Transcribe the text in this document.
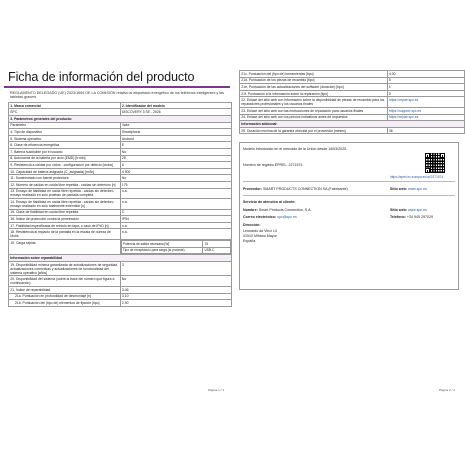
Ficha de información del producto
REGLAMENTO DELEGADO (UE) 2023/1669 DE LA COMISIÓN relativo al etiquetado energético de los teléfonos inteligentes y las tabletas gravers
1. Marca comercial	2. Identificador del modelo
SPC	DISCOVERY 3 SE - 2526
3. Parámetros generales del producto:
Parámetro	Valor
4. Tipo de dispositivo	Smartphone
5. Sistema operativo	Android
6. Clase de eficiencia energética	E
7. Batería sustituible por el usuario	No
8. Autonomía de la batería por ciclo (EMD) [h:min]	28
9. Resistencia a caídas por ciclos - configuración por defecto [ciclos]	6
10. Capacidad de batería asignada (C_asignada) [mAh]	4 900
11. Suministrado con fuente protectora	No
12. Número de caídas en caída libre repetida - caídas sin deterioro [n]	175
13. Ensayo de fiabilidad en caída libre repetida - caídas sin deterioro, ensayo realizado en solo pruebas de pantalla completa	n.a.
14. Ensayo de fiabilidad en caída libre repetida - caídas sin deterioro, ensayo realizado en solo totalmente extendido [n]	n.a.
15. Clase de fiabilidad en caída libre repetida	C
16. Índice de protección contra la penetración	IP54
17. Fiabilidad especificada de reinicio en tapa, o caso de IPxD [n]	n.a.
18. Resistencia al impacto de la pantalla en la escala de dureza de Mohs	n.a.
19. Carga rápida		Potencia de salida necesaria [W]	15
Tipo de receptáculo para carga (si procede)	USB-C

Información sobre reparabilidad
19. Disponibilidad mínima garantizada de actualizaciones de seguridad, actualizaciones correctivas y actualizaciones de funcionalidad del sistema operativo [años]	3
20. Disponibilidad del sistema (sobre la base del número que figura a continuación)	No
21. Índice de reparabilidad	3,46
21a. Puntuación en profundidad de desmontaje [n]	3,10
21b. Puntuación del (tipo de) elementos de fijación [tipo]	2,90
Página 1 / 2
21c. Puntuación del (tipo de) herramientas [tipo]	4,00
21d. Puntuación de los piezas de recambio [tipo]	5
21e. Puntuación de las actualizaciones del software (duración) [tipo]	1
21f. Puntuación a la información sobre la reparación [tipo]	5
22. Enlace del sitio web con información sobre la disponibilidad de piezas de recambio para los reparadores profesionales y los usuarios finales	https://repair.spc.es
23. Enlace del sitio web con las instrucciones de reparación para usuarios finales	https://support.spc.es
24. Enlace del sitio web con los precios indicativos antes de impuestos	https://repair.spc.es
Información adicional:	
25. Duración mínima de la garantía ofrecida por el proveedor [meses]	36
Modelo introducido en el mercado de la Unión desde 14/03/2025.
https://eprel.ec.europa.eu/qr/2271574
Número de registro EPREL: 2271574
Proveedor: SMART PRODUCTS CONNECTION SA (Fabricante)	Sitio web: www.spc.es
Servicio de atención al cliente:
Nombre: Smart Products Connection, S.A.	Sitio web: www.spc.es
Correo electrónico: spc@spc.es	Teléfono: +34 945 297029
Dirección:
Leonardo da Vinci 14
01510 Miñano Mayor
España
Página 2 / 2
